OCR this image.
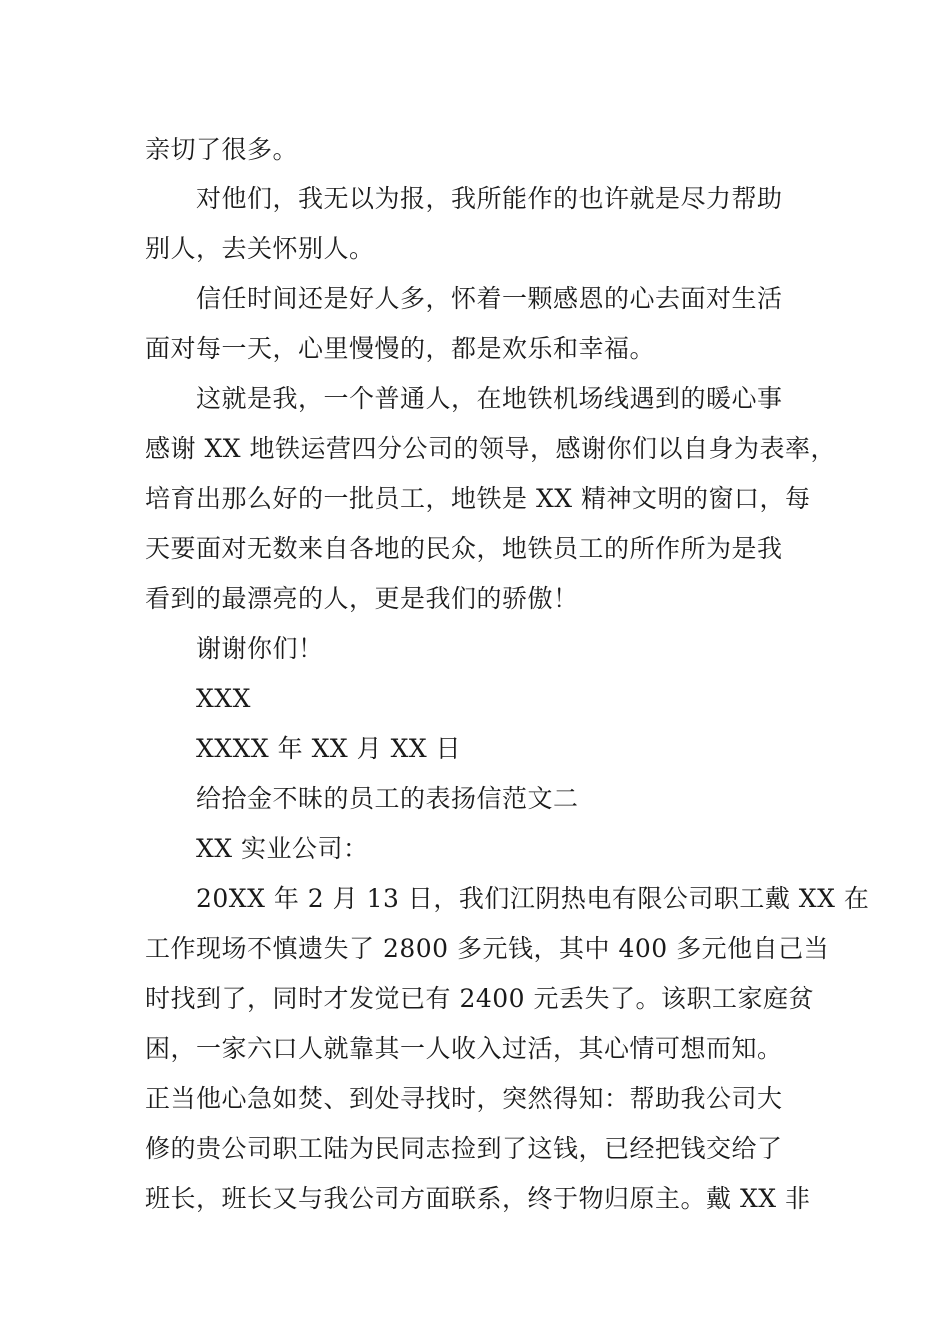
亲切了很多。
对他们，我无以为报，我所能作的也许就是尽力帮助
别人，去关怀别人。
信任时间还是好人多，怀着一颗感恩的心去面对生活
面对每一天，心里慢慢的，都是欢乐和幸福。
这就是我，一个普通人，在地铁机场线遇到的暖心事
感谢 XX 地铁运营四分公司的领导，感谢你们以自身为表率，
培育出那么好的一批员工，地铁是 XX 精神文明的窗口，每
天要面对无数来自各地的民众，地铁员工的所作所为是我
看到的最漂亮的人，更是我们的骄傲！
谢谢你们！
XXX
XXXX 年 XX 月 XX 日
给拾金不昧的员工的表扬信范文二
XX 实业公司：
20XX 年 2 月 13 日，我们江阴热电有限公司职工戴 XX 在
工作现场不慎遗失了 2800 多元钱，其中 400 多元他自己当
时找到了，同时才发觉已有 2400 元丢失了。该职工家庭贫
困，一家六口人就靠其一人收入过活，其心情可想而知。
正当他心急如焚、到处寻找时，突然得知：帮助我公司大
修的贵公司职工陆为民同志捡到了这钱，已经把钱交给了
班长，班长又与我公司方面联系，终于物归原主。戴 XX 非
